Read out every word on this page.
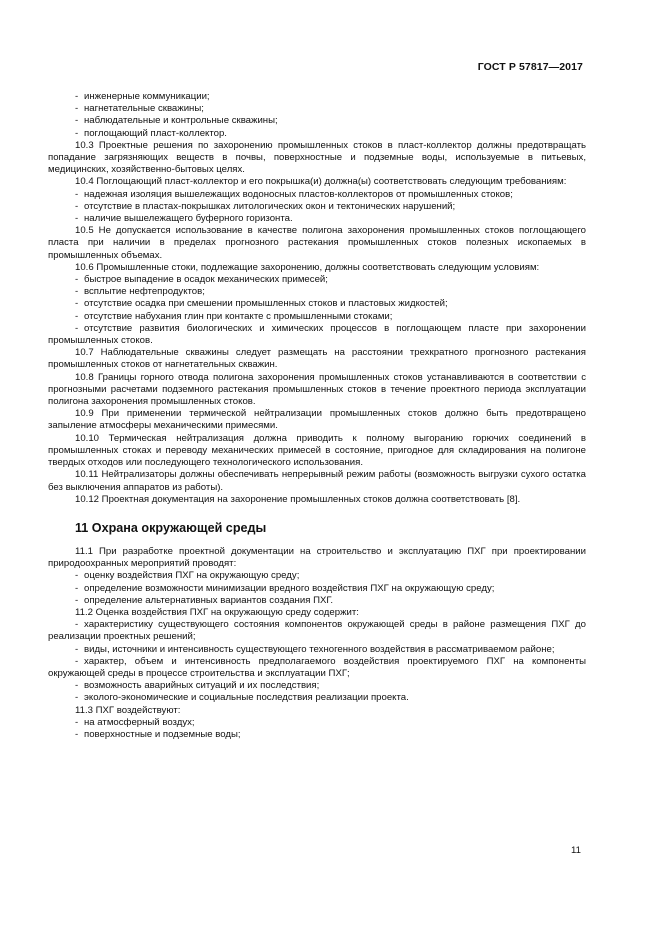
ГОСТ Р 57817—2017
- инженерные коммуникации;
- нагнетательные скважины;
- наблюдательные и контрольные скважины;
- поглощающий пласт-коллектор.

10.3 Проектные решения по захоронению промышленных стоков в пласт-коллектор должны предотвращать попадание загрязняющих веществ в почвы, поверхностные и подземные воды, используемые в питьевых, медицинских, хозяйственно-бытовых целях.

10.4 Поглощающий пласт-коллектор и его покрышка(и) должна(ы) соответствовать следующим требованиям:

- надежная изоляция вышележащих водоносных пластов-коллекторов от промышленных стоков;
- отсутствие в пластах-покрышках литологических окон и тектонических нарушений;
- наличие вышележащего буферного горизонта.

10.5 Не допускается использование в качестве полигона захоронения промышленных стоков поглощающего пласта при наличии в пределах прогнозного растекания промышленных стоков полезных ископаемых в промышленных объемах.

10.6 Промышленные стоки, подлежащие захоронению, должны соответствовать следующим условиям:

- быстрое выпадение в осадок механических примесей;
- всплытие нефтепродуктов;
- отсутствие осадка при смешении промышленных стоков и пластовых жидкостей;
- отсутствие набухания глин при контакте с промышленными стоками;
- отсутствие развития биологических и химических процессов в поглощающем пласте при захоронении промышленных стоков.

10.7 Наблюдательные скважины следует размещать на расстоянии трехкратного прогнозного растекания промышленных стоков от нагнетательных скважин.

10.8 Границы горного отвода полигона захоронения промышленных стоков устанавливаются в соответствии с прогнозными расчетами подземного растекания промышленных стоков в течение проектного периода эксплуатации полигона захоронения промышленных стоков.

10.9 При применении термической нейтрализации промышленных стоков должно быть предотвращено запыление атмосферы механическими примесями.

10.10 Термическая нейтрализация должна приводить к полному выгоранию горючих соединений в промышленных стоках и переводу механических примесей в состояние, пригодное для складирования на полигоне твердых отходов или последующего технологического использования.

10.11 Нейтрализаторы должны обеспечивать непрерывный режим работы (возможность выгрузки сухого остатка без выключения аппаратов из работы).

10.12 Проектная документация на захоронение промышленных стоков должна соответствовать [8].

11 Охрана окружающей среды

11.1 При разработке проектной документации на строительство и эксплуатацию ПХГ при проектировании природоохранных мероприятий проводят:

- оценку воздействия ПХГ на окружающую среду;
- определение возможности минимизации вредного воздействия ПХГ на окружающую среду;
- определение альтернативных вариантов создания ПХГ.

11.2 Оценка воздействия ПХГ на окружающую среду содержит:

- характеристику существующего состояния компонентов окружающей среды в районе размещения ПХГ до реализации проектных решений;
- виды, источники и интенсивность существующего техногенного воздействия в рассматриваемом районе;
- характер, объем и интенсивность предполагаемого воздействия проектируемого ПХГ на компоненты окружающей среды в процессе строительства и эксплуатации ПХГ;
- возможность аварийных ситуаций и их последствия;
- эколого-экономические и социальные последствия реализации проекта.

11.3 ПХГ воздействуют:

- на атмосферный воздух;
- поверхностные и подземные воды;
11
